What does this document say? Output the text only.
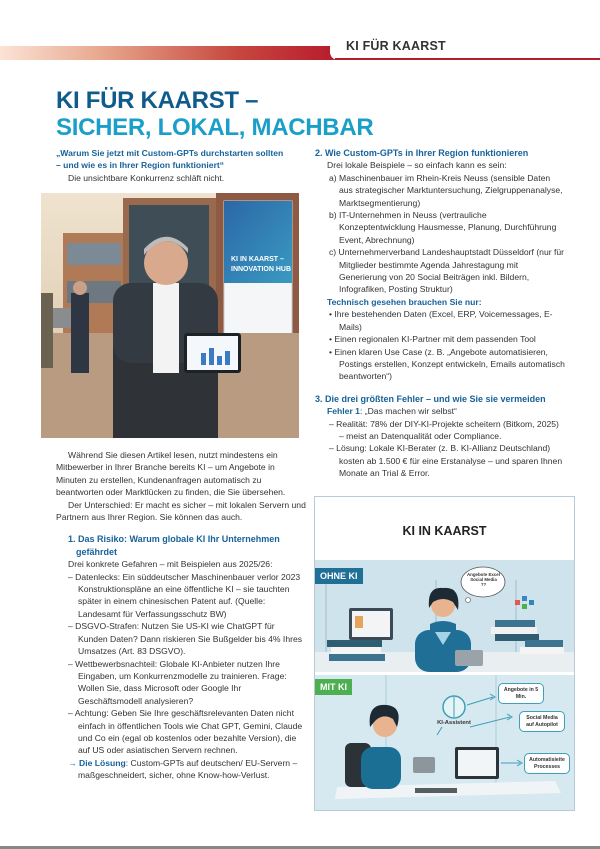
KI FÜR KAARST
KI FÜR KAARST –
SICHER, LOKAL, MACHBAR
„Warum Sie jetzt mit Custom-GPTs durchstarten sollten – und wie es in Ihrer Region funktioniert“
Die unsichtbare Konkurrenz schläft nicht.
KI IN KAARST –
INNOVATION HUB

Während Sie diesen Artikel lesen, nutzt mindestens ein Mitbewerber in Ihrer Branche bereits KI – um Angebote in Minuten zu erstellen, Kundenanfragen automatisch zu beantworten oder Marktlücken zu finden, die Sie übersehen.

Der Unterschied: Er macht es sicher – mit lokalen Servern und Partnern aus Ihrer Region. Sie können das auch.

1. Das Risiko: Warum globale KI Ihr Unternehmen gefährdet

Drei konkrete Gefahren – mit Beispielen aus 2025/26:

– Datenlecks: Ein süddeutscher Maschinenbauer verlor 2023 Konstruktionspläne an eine öffentliche KI – sie tauchten später in einem chinesischen Patent auf. (Quelle: Landesamt für Verfassungsschutz BW)

– DSGVO-Strafen: Nutzen Sie US-KI wie ChatGPT für Kunden Daten? Dann riskieren Sie Bußgelder bis 4% Ihres Umsatzes (Art. 83 DSGVO).

– Wettbewerbsnachteil: Globale KI-Anbieter nutzen Ihre Eingaben, um Konkurrenzmodelle zu trainieren. Frage: Wollen Sie, dass Microsoft oder Google Ihr Geschäftsmodell analysieren?

– Achtung: Geben Sie Ihre geschäftsrelevanten Daten nicht einfach in öffentlichen Tools wie Chat GPT, Gemini, Claude und Co ein (egal ob kostenlos oder bezahlte Version), die auf US oder asiatischen Servern rechnen.

→ Die Lösung: Custom-GPTs auf deutschen/ EU-Servern – maßgeschneidert, sicher, ohne Know-how-Verlust.

2. Wie Custom-GPTs in Ihrer Region funktionieren
Drei lokale Beispiele – so einfach kann es sein:

a) Maschinenbauer im Rhein-Kreis Neuss (sensible Daten aus strategischer Marktuntersuchung, Zielgruppenanalyse, Marktsegmentierung)

b) IT-Unternehmen in Neuss (vertrauliche Konzeptentwicklung Hausmesse, Planung, Durchführung Event, Abrechnung)

c) Unternehmerverband Landeshauptstadt Düsseldorf (nur für Mitglieder bestimmte Agenda Jahrestagung mit Generierung von 20 Social Beiträgen inkl. Bildern, Infografiken, Posting Struktur)

Technisch gesehen brauchen Sie nur:

• Ihre bestehenden Daten (Excel, ERP, Voicemessages, E-Mails)

• Einen regionalen KI-Partner mit dem passenden Tool

• Einen klaren Use Case (z. B. „Angebote automatisieren, Postings erstellen, Konzept entwickeln, Emails automatisch beantworten“)

3. Die drei größten Fehler – und wie Sie sie vermeiden
Fehler 1: „Das machen wir selbst“

– Realität: 78% der DIY-KI-Projekte scheitern (Bitkom, 2025) – meist an Datenqualität oder Compliance.

– Lösung: Lokale KI-Berater (z. B. KI-Allianz Deutschland) kosten ab 1.500 € für eine Erstanalyse – und sparen Ihnen Monate an Trial & Error.

KI IN KAARST
OHNE KI	Angebote Excel Social Media ??
MIT KI
KI-Assistent
Angebote in 5 Min.
Social Media auf Autopilot
Automatisieite Processes
